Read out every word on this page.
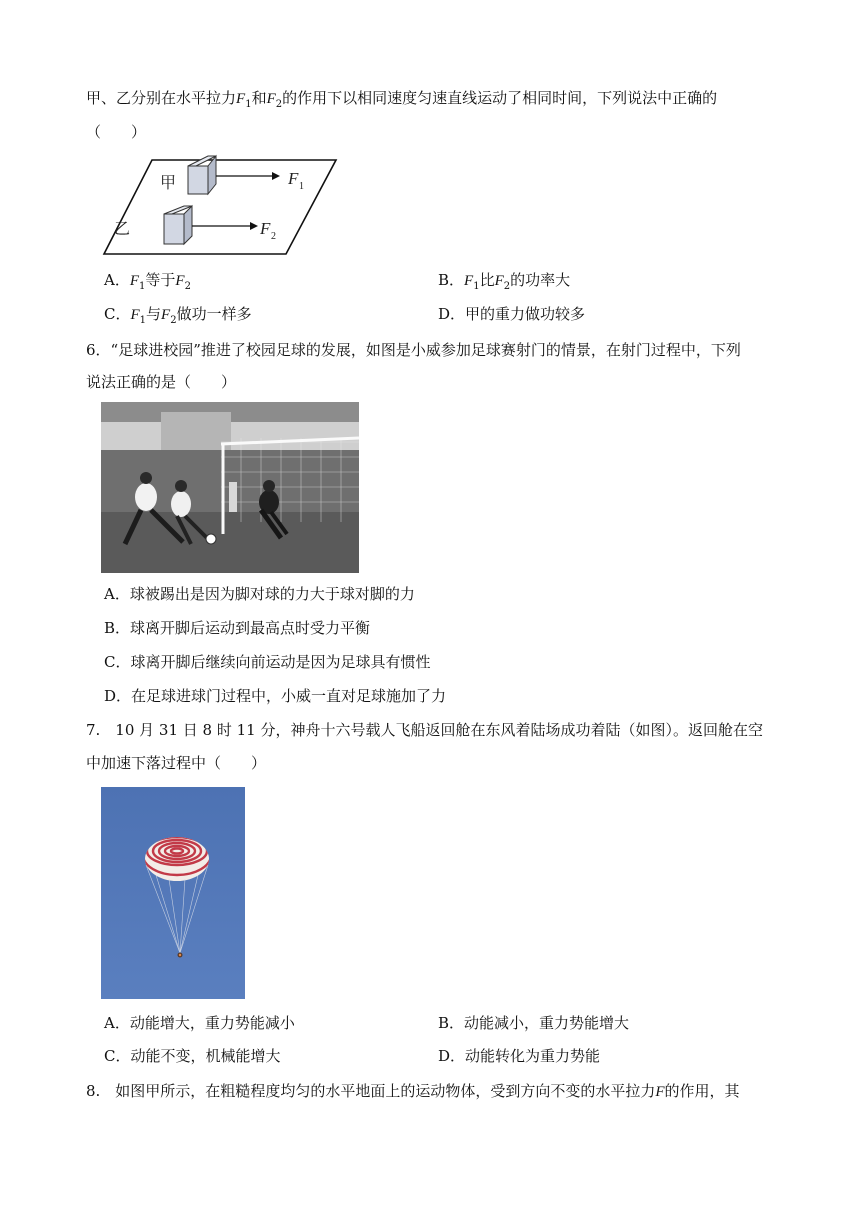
甲、乙分别在水平拉力$F_1$和$F_2$的作用下以相同速度匀速直线运动了相同时间，下列说法中正确的
（　　）
甲	F 1
乙	F 2
A．$F_1$等于$F_2$	B．$F_1$比$F_2$的功率大
C．$F_1$与$F_2$做功一样多	D．甲的重力做功较多
6．“足球进校园”推进了校园足球的发展，如图是小威参加足球赛射门的情景，在射门过程中，下列
说法正确的是（　　）
A．球被踢出是因为脚对球的力大于球对脚的力
B．球离开脚后运动到最高点时受力平衡
C．球离开脚后继续向前运动是因为足球具有惯性
D．在足球进球门过程中，小威一直对足球施加了力
7.　10 月 31 日 8 时 11 分，神舟十六号载人飞船返回舱在东风着陆场成功着陆（如图）。返回舱在空
中加速下落过程中（　　）
A．动能增大，重力势能减小	B．动能减小，重力势能增大
C．动能不变，机械能增大	D．动能转化为重力势能
8.　如图甲所示，在粗糙程度均匀的水平地面上的运动物体，受到方向不变的水平拉力F的作用，其
